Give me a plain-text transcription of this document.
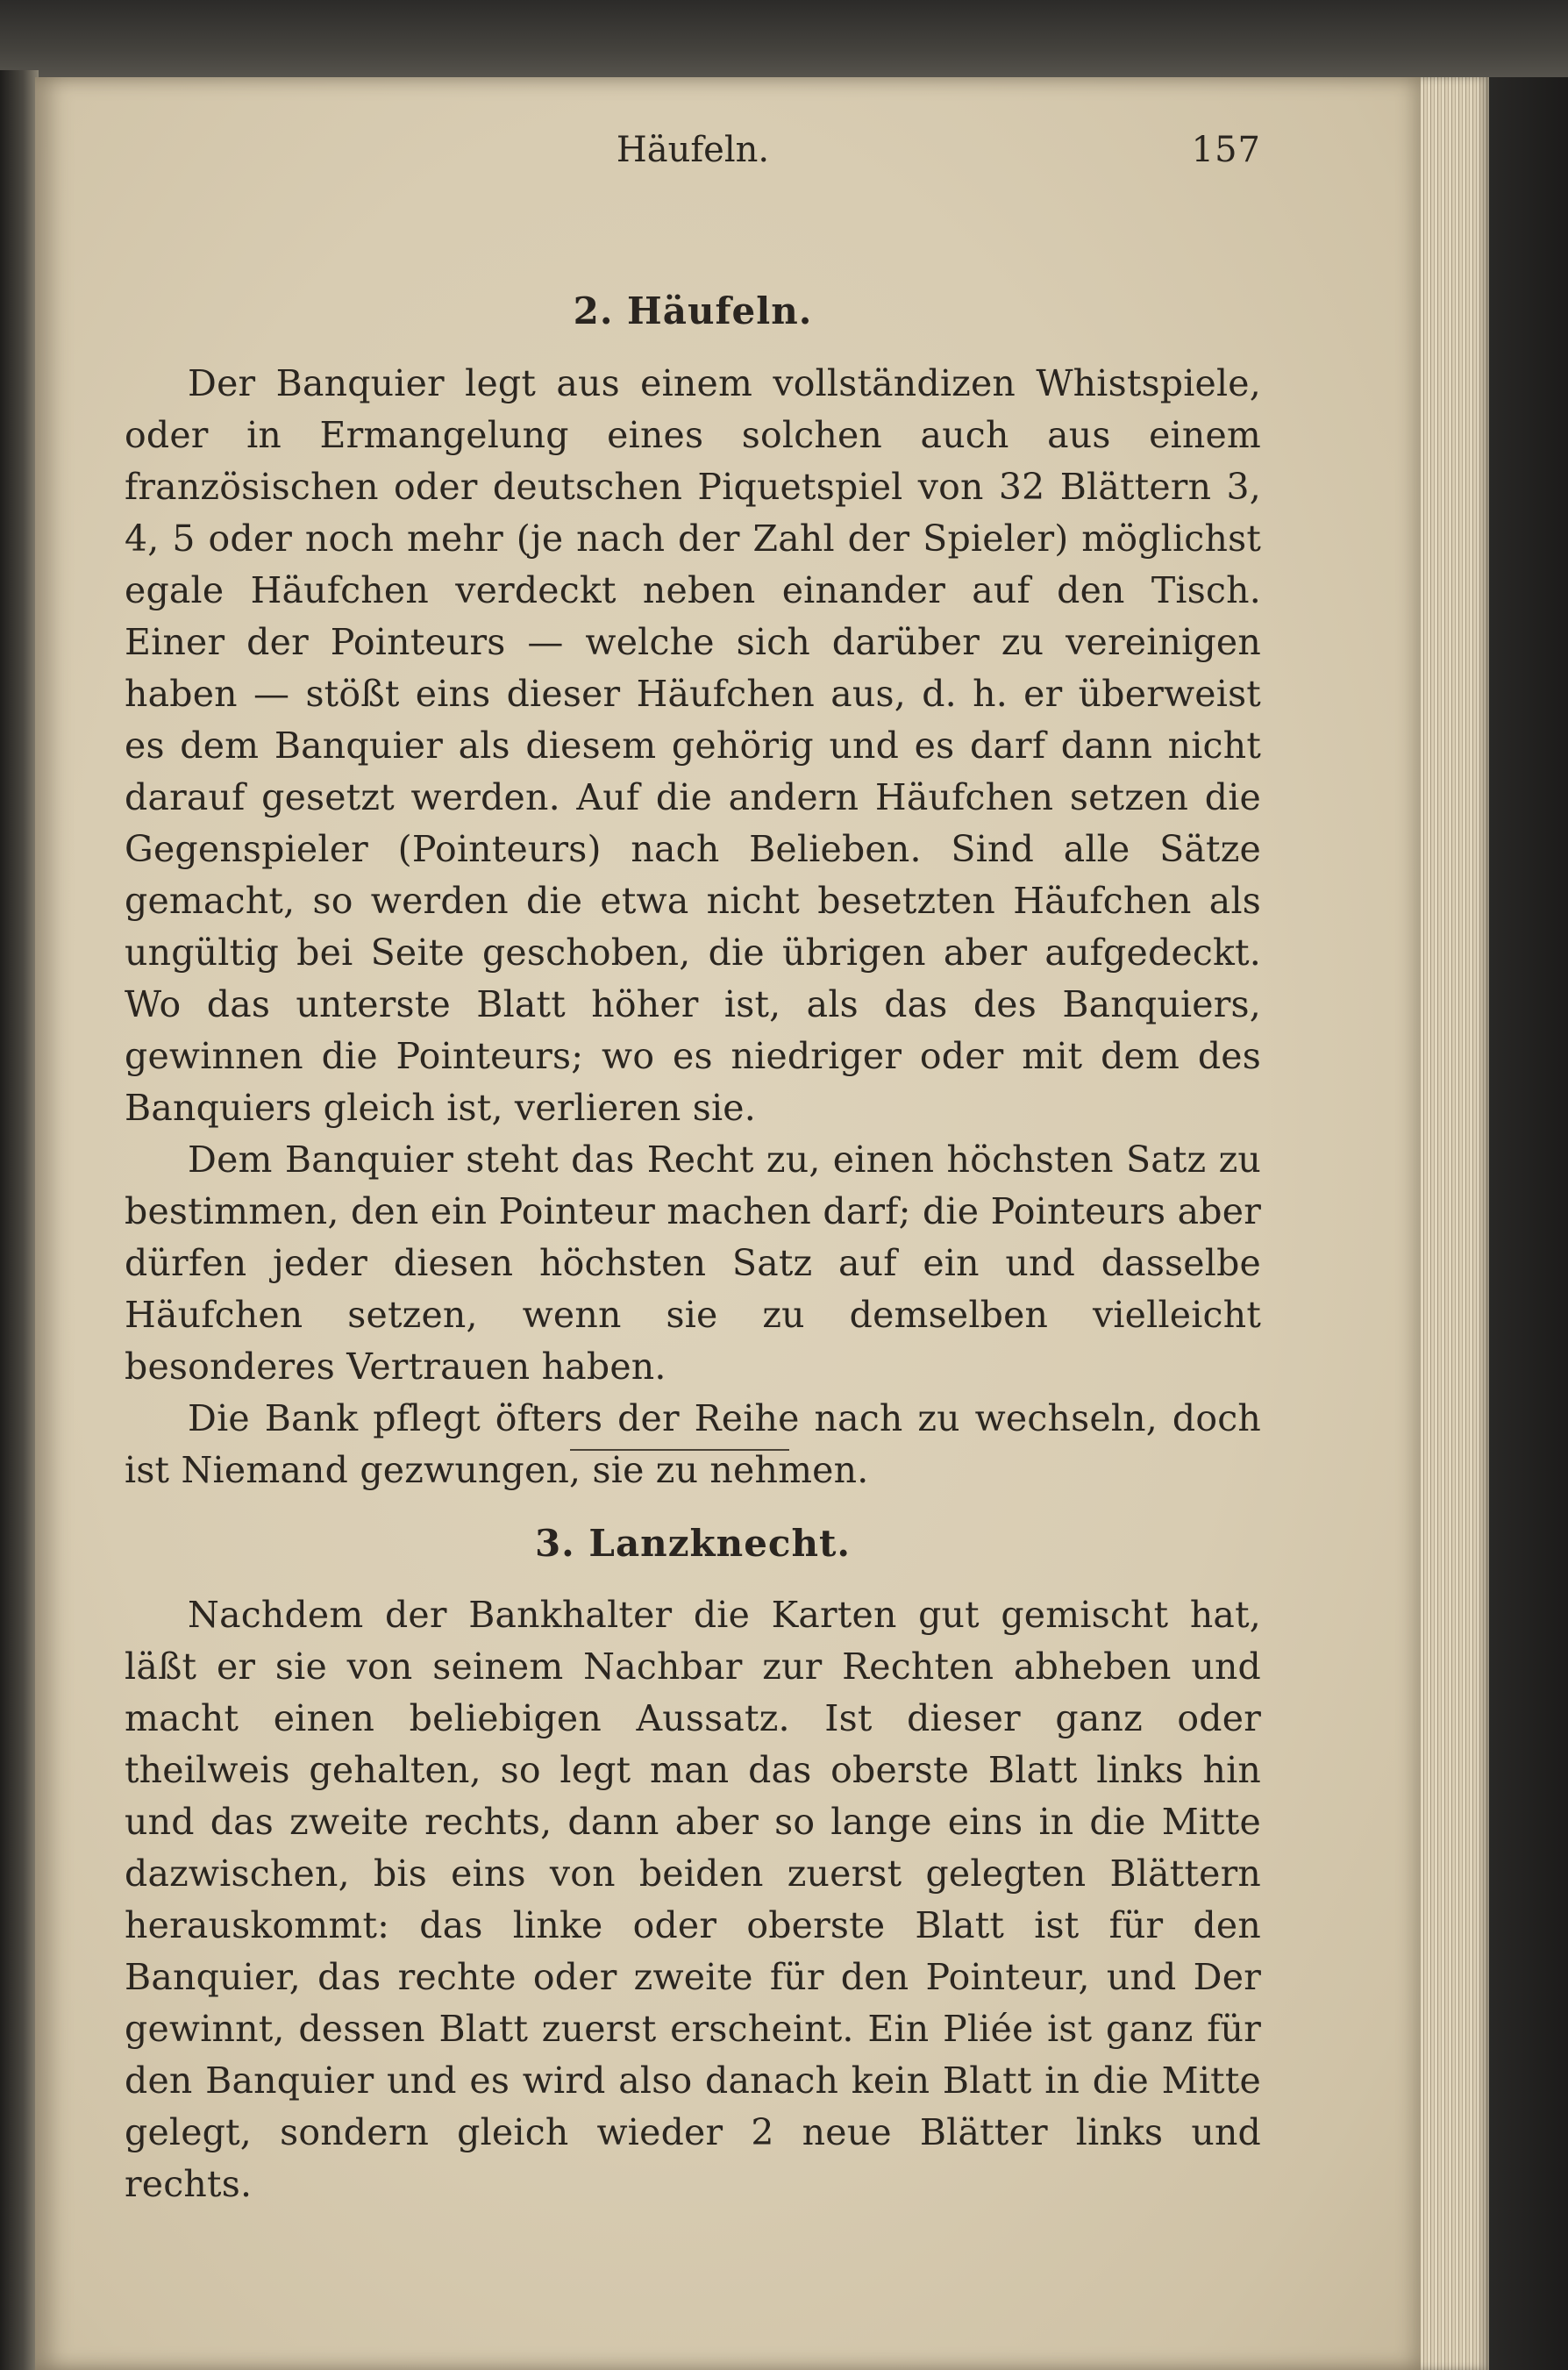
Häufeln.	157
2. Häufeln.

Der Banquier legt aus einem vollständizen Whistspiele, oder in Ermangelung eines solchen auch aus einem französischen oder deutschen Piquetspiel von 32 Blättern 3, 4, 5 oder noch mehr (je nach der Zahl der Spieler) möglichst egale Häufchen verdeckt neben einander auf den Tisch. Einer der Pointeurs — welche sich darüber zu vereinigen haben — stößt eins dieser Häufchen aus, d. h. er überweist es dem Banquier als diesem gehörig und es darf dann nicht darauf gesetzt werden. Auf die andern Häufchen setzen die Gegenspieler (Pointeurs) nach Belieben. Sind alle Sätze gemacht, so werden die etwa nicht besetzten Häufchen als ungültig bei Seite geschoben, die übrigen aber aufgedeckt. Wo das unterste Blatt höher ist, als das des Banquiers, gewinnen die Pointeurs; wo es niedriger oder mit dem des Banquiers gleich ist, verlieren sie.

Dem Banquier steht das Recht zu, einen höchsten Satz zu bestimmen, den ein Pointeur machen darf; die Pointeurs aber dürfen jeder diesen höchsten Satz auf ein und dasselbe Häufchen setzen, wenn sie zu demselben vielleicht besonderes Vertrauen haben.

Die Bank pflegt öfters der Reihe nach zu wechseln, doch ist Niemand gezwungen, sie zu nehmen.

3. Lanzknecht.

Nachdem der Bankhalter die Karten gut gemischt hat, läßt er sie von seinem Nachbar zur Rechten abheben und macht einen beliebigen Aussatz. Ist dieser ganz oder theilweis gehalten, so legt man das oberste Blatt links hin und das zweite rechts, dann aber so lange eins in die Mitte dazwischen, bis eins von beiden zuerst gelegten Blättern herauskommt: das linke oder oberste Blatt ist für den Banquier, das rechte oder zweite für den Pointeur, und Der gewinnt, dessen Blatt zuerst erscheint. Ein Pliée ist ganz für den Banquier und es wird also danach kein Blatt in die Mitte gelegt, sondern gleich wieder 2 neue Blätter links und rechts.
